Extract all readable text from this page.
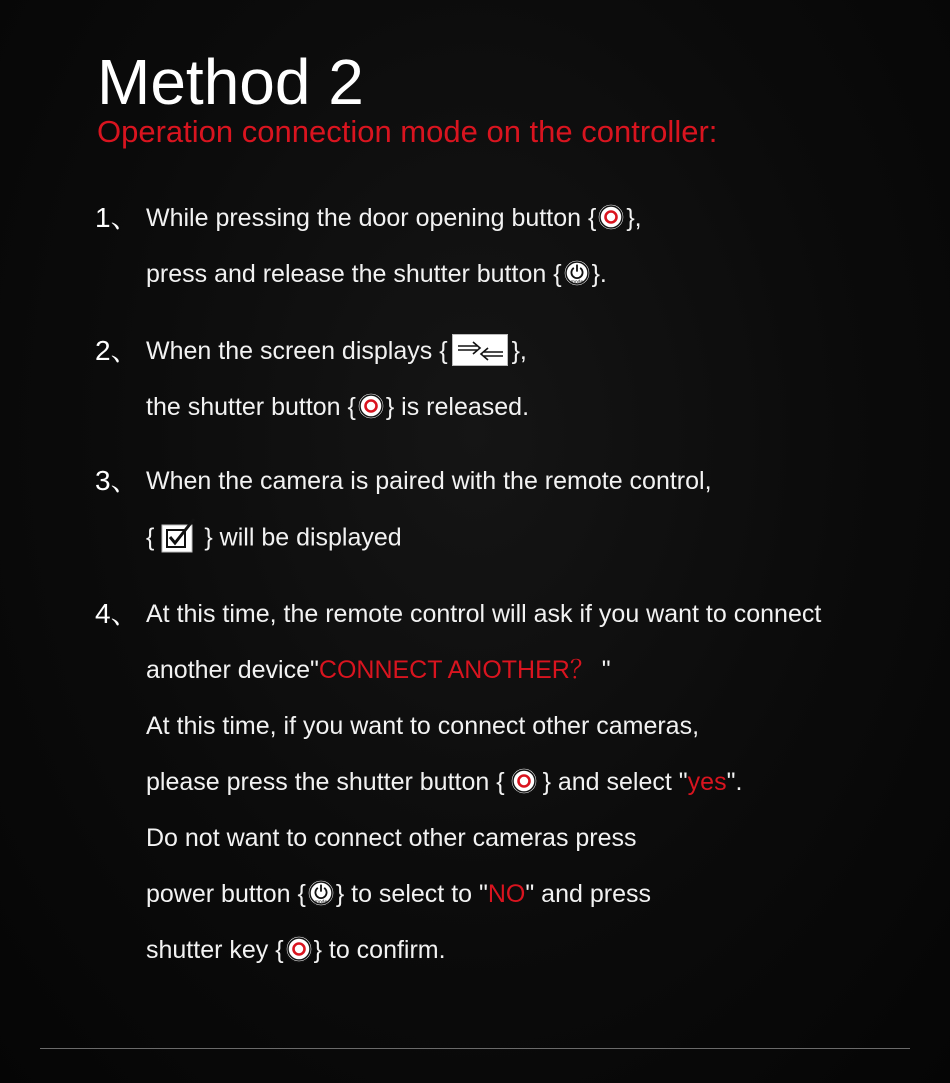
Method 2
Operation connection mode on the controller:
1、 While pressing the door opening button { },
press and release the shutter button { mode }.
2、 When the screen displays {	},
the shutter button { } is released.
3、 When the camera is paired with the remote control,
{ } will be displayed
4、 At this time, the remote control will ask if you want to connect
another device"CONNECT ANOTHER？ "
At this time, if you want to connect other cameras,
please press the shutter button { } and select "yes".
Do not want to connect other cameras press
power button { mode } to select to "NO" and press
shutter key { } to confirm.
